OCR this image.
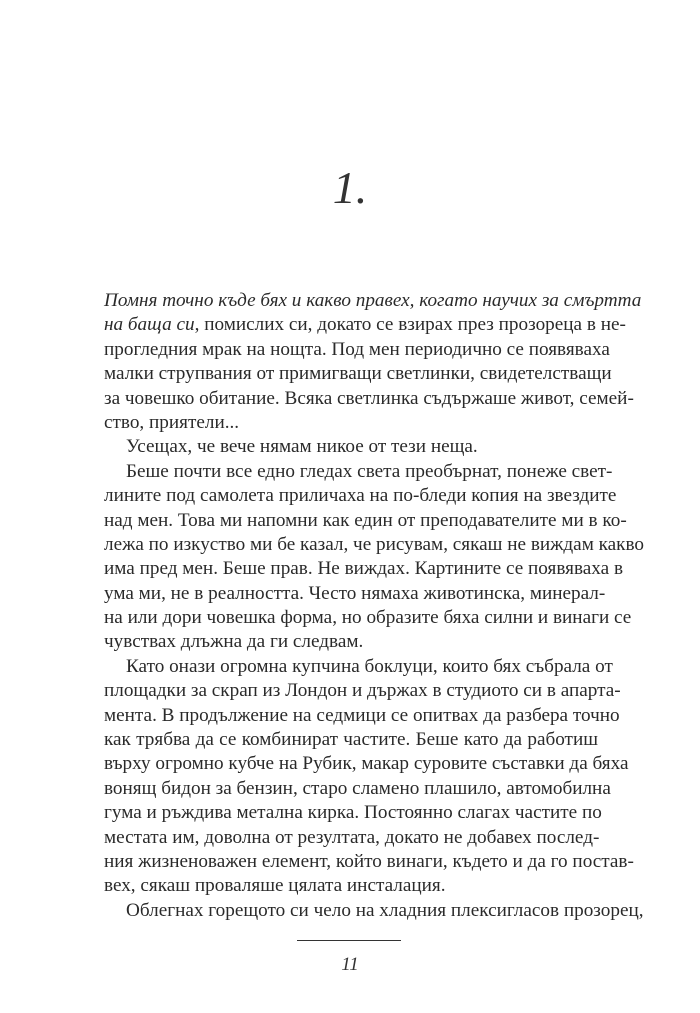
1.
Помня точно къде бях и какво правех, когато научих за смъртта
на баща си, помислих си, докато се взирах през прозореца в не-
прогледния мрак на нощта. Под мен периодично се появяваха
малки струпвания от примигващи светлинки, свидетелстващи
за човешко обитание. Всяка светлинка съдържаше живот, семей-
ство, приятели...
Усещах, че вече нямам никое от тези неща.
Беше почти все едно гледах света преобърнат, понеже свет-
лините под самолета приличаха на по-бледи копия на звездите
над мен. Това ми напомни как един от преподавателите ми в ко-
лежа по изкуство ми бе казал, че рисувам, сякаш не виждам какво
има пред мен. Беше прав. Не виждах. Картините се появяваха в
ума ми, не в реалността. Често нямаха животинска, минерал-
на или дори човешка форма, но образите бяха силни и винаги се
чувствах длъжна да ги следвам.
Като онази огромна купчина боклуци, които бях събрала от
площадки за скрап из Лондон и държах в студиото си в апарта-
мента. В продължение на седмици се опитвах да разбера точно
как трябва да се комбинират частите. Беше като да работиш
върху огромно кубче на Рубик, макар суровите съставки да бяха
вонящ бидон за бензин, старо сламено плашило, автомобилна
гума и ръждива метална кирка. Постоянно слагах частите по
местата им, доволна от резултата, докато не добавех послед-
ния жизненоважен елемент, който винаги, където и да го постав-
вех, сякаш проваляше цялата инсталация.
Облегнах горещото си чело на хладния плексигласов прозорец,
11
